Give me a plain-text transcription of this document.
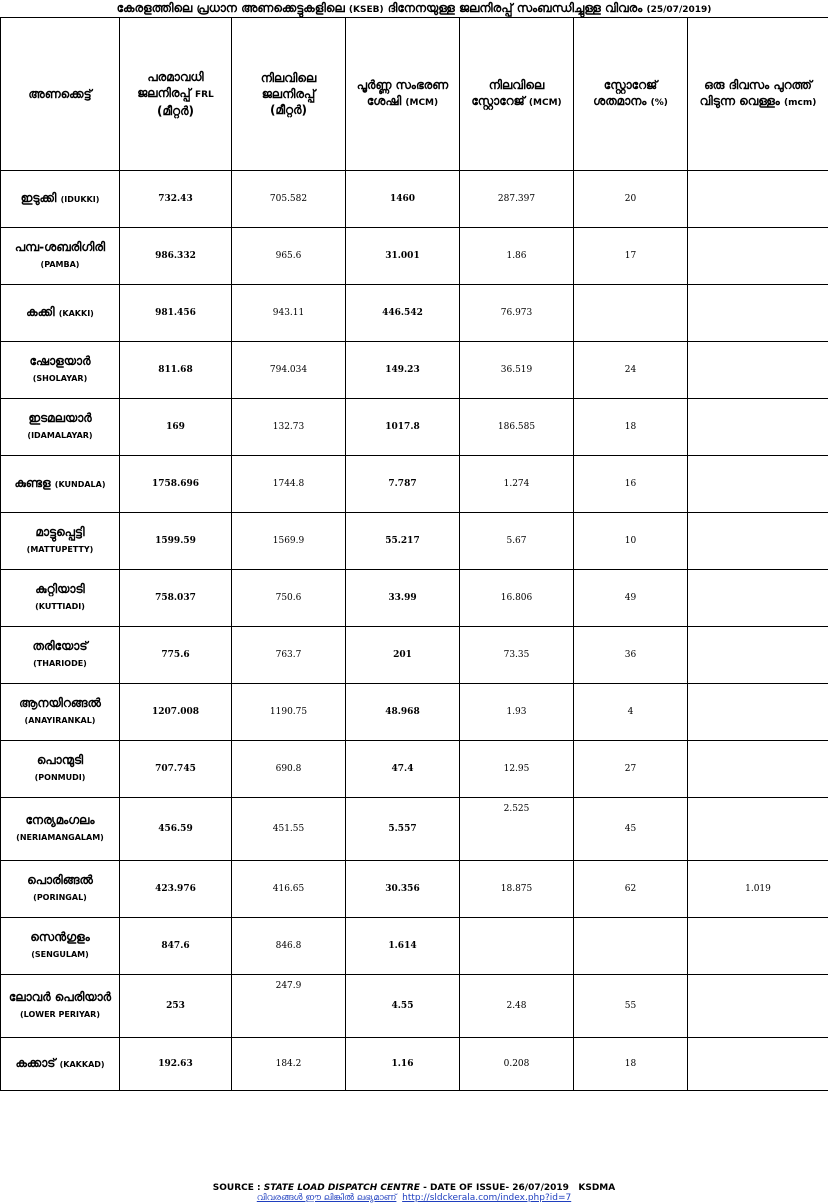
കേരളത്തിലെ പ്രധാന അണക്കെട്ടുകളിലെ (KSEB) ദിനേനയുള്ള ജലനിരപ്പ് സംബന്ധിച്ചുള്ള വിവരം (25/07/2019)
അണക്കെട്ട്	പരമാവധി ജലനിരപ്പ് FRL
(മീറ്റർ)	നിലവിലെ ജലനിരപ്പ്
(മീറ്റർ)	പൂർണ്ണ സംഭരണ ശേഷി (MCM)	നിലവിലെ സ്റ്റോറേജ് (MCM)	സ്റ്റോറേജ് ശതമാനം (%)	ഒരു ദിവസം പുറത്ത് വിടുന്ന വെള്ളം (mcm)

ഇടുക്കി (IDUKKI)	732.43	705.582	1460	287.397	20	

പമ്പ-ശബരിഗിരി
(PAMBA)	986.332	965.6	31.001	1.86	17	

കക്കി (KAKKI)	981.456	943.11	446.542	76.973		

ഷോളയാർ
(SHOLAYAR)	811.68	794.034	149.23	36.519	24	

ഇടമലയാർ
(IDAMALAYAR)	169	132.73	1017.8	186.585	18	

കുണ്ടള (KUNDALA)	1758.696	1744.8	7.787	1.274	16	

മാട്ടുപ്പെട്ടി
(MATTUPETTY)	1599.59	1569.9	55.217	5.67	10	

കുറ്റിയാടി
(KUTTIADI)	758.037	750.6	33.99	16.806	49	

തരിയോട്
(THARIODE)	775.6	763.7	201	73.35	36	

ആനയിറങ്ങൽ
(ANAYIRANKAL)	1207.008	1190.75	48.968	1.93	4	

പൊന്മുടി
(PONMUDI)	707.745	690.8	47.4	12.95	27	

നേര്യമംഗലം
(NERIAMANGALAM)	456.59	451.55	5.557	2.525	45	

പൊരിങ്ങൽ
(PORINGAL)	423.976	416.65	30.356	18.875	62	1.019

സെൻഗുളം
(SENGULAM)	847.6	846.8	1.614			

ലോവർ പെരിയാർ
(LOWER PERIYAR)	253	247.9	4.55	2.48	55	

കക്കാട് (KAKKAD)	192.63	184.2	1.16	0.208	18	
SOURCE : STATE LOAD DISPATCH CENTRE - DATE OF ISSUE- 26/07/2019 KSDMA
വിവരങ്ങൾ ഈ ലിങ്കിൽ ലഭ്യമാണ് http://sldckerala.com/index.php?id=7
